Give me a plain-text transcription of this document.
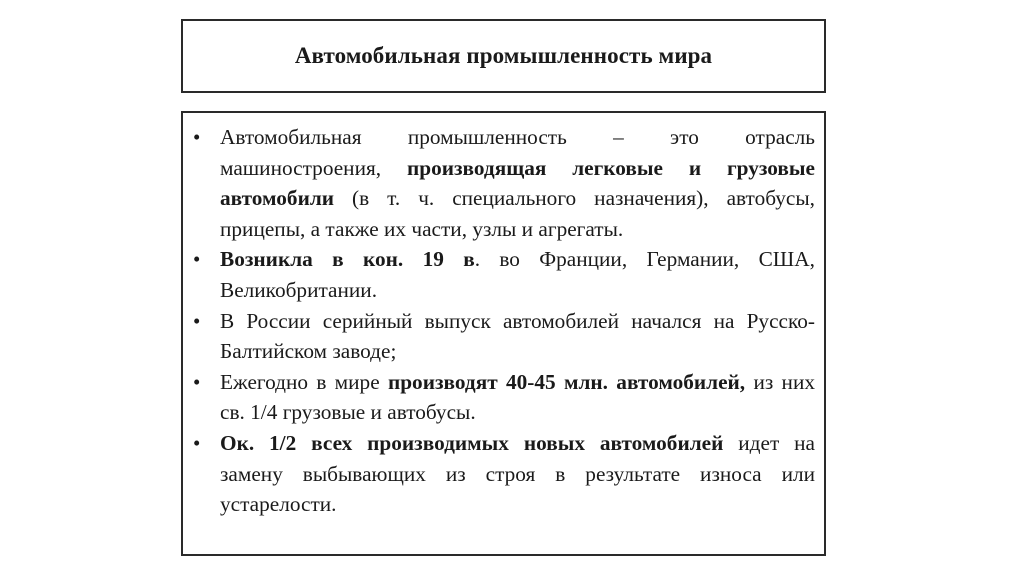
Автомобильная промышленность мира
• Автомобильная промышленность – это отрасль машиностроения, производящая легковые и грузовые автомобили (в т. ч. специального назначения), автобусы, прицепы, а также их части, узлы и агрегаты.
• Возникла в кон. 19 в. во Франции, Германии, США, Великобритании.
• В России серийный выпуск автомобилей начался на Русско-Балтийском заводе;
• Ежегодно в мире производят 40-45 млн. автомобилей, из них св. 1/4 грузовые и автобусы.
• Ок. 1/2 всех производимых новых автомобилей идет на замену выбывающих из строя в результате износа или устарелости.
